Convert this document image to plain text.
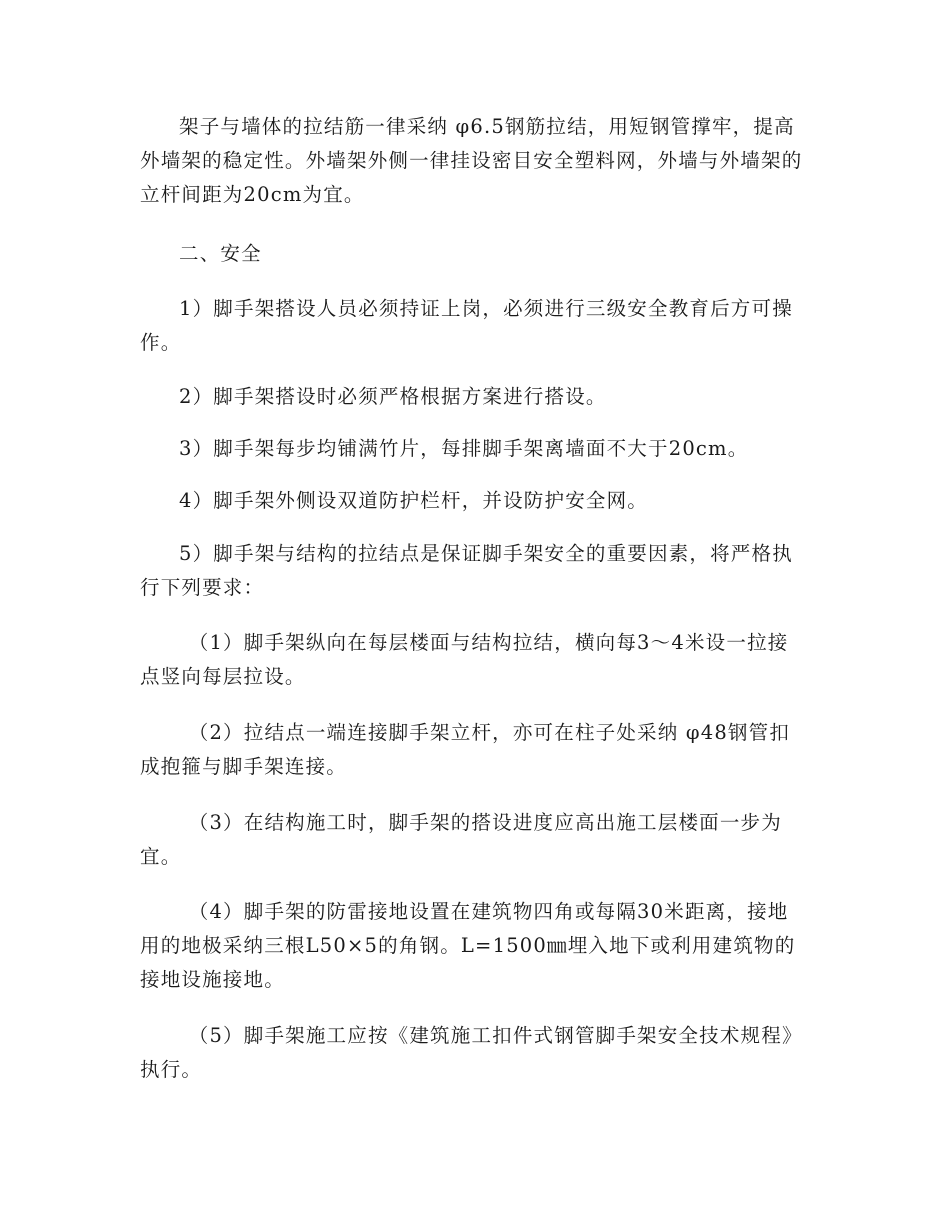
架子与墙体的拉结筋一律采纳 φ6.5钢筋拉结，用短钢管撑牢，提高外墙架的稳定性。外墙架外侧一律挂设密目安全塑料网，外墙与外墙架的立杆间距为20cm为宜。

二、安全

1）脚手架搭设人员必须持证上岗，必须进行三级安全教育后方可操作。

2）脚手架搭设时必须严格根据方案进行搭设。

3）脚手架每步均铺满竹片，每排脚手架离墙面不大于20cm。

4）脚手架外侧设双道防护栏杆，并设防护安全网。

5）脚手架与结构的拉结点是保证脚手架安全的重要因素，将严格执行下列要求：

（1）脚手架纵向在每层楼面与结构拉结，横向每3～4米设一拉接点竖向每层拉设。

（2）拉结点一端连接脚手架立杆，亦可在柱子处采纳 φ48钢管扣成抱箍与脚手架连接。

（3）在结构施工时，脚手架的搭设进度应高出施工层楼面一步为宜。

（4）脚手架的防雷接地设置在建筑物四角或每隔30米距离，接地用的地极采纳三根L50×5的角钢。L=1500㎜埋入地下或利用建筑物的接地设施接地。

（5）脚手架施工应按《建筑施工扣件式钢管脚手架安全技术规程》执行。
